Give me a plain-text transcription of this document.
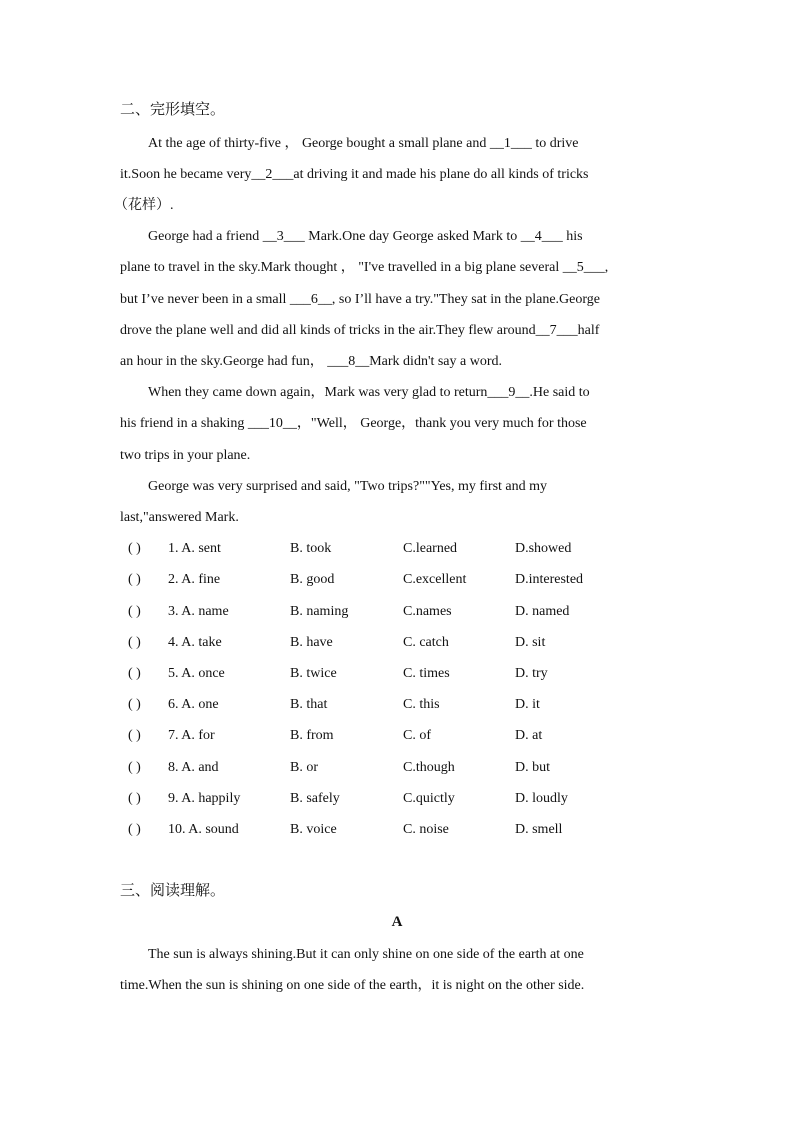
二、完形填空。
At the age of thirty-five ， George bought a small plane and __1___ to drive
it.Soon he became very__2___at driving it and made his plane do all kinds of tricks
（花样）.
George had a friend __3___ Mark.One day George asked Mark to __4___ his
plane to travel in the sky.Mark thought ， "I've travelled in a big plane several __5___,
but I’ve never been in a small ___6__, so I’ll have a try."They sat in the plane.George
drove the plane well and did all kinds of tricks in the air.They flew around__7___half
an hour in the sky.George had fun， ___8__Mark didn't say a word.
When they came down again，Mark was very glad to return___9__.He said to
his friend in a shaking ___10__，"Well， George，thank you very much for those
two trips in your plane.
George was very surprised and said, "Two trips?""Yes, my first and my
last,"answered Mark.
( ) 1. A. sent	B. took	C.learned	D.showed
( ) 2. A. fine	B. good	C.excellent	D.interested
( ) 3. A. name	B. naming	C.names	D. named
( ) 4. A. take	B. have	C. catch	D. sit
( ) 5. A. once	B. twice	C. times	D. try
( ) 6. A. one	B. that	C. this	D. it
( ) 7. A. for	B. from	C. of	D. at
( ) 8. A. and	B. or	C.though	D. but
( ) 9. A. happily	B. safely	C.quictly	D. loudly
( ) 10. A. sound	B. voice	C. noise	D. smell
三、阅读理解。
A
The sun is always shining.But it can only shine on one side of the earth at one
time.When the sun is shining on one side of the earth，it is night on the other side.
